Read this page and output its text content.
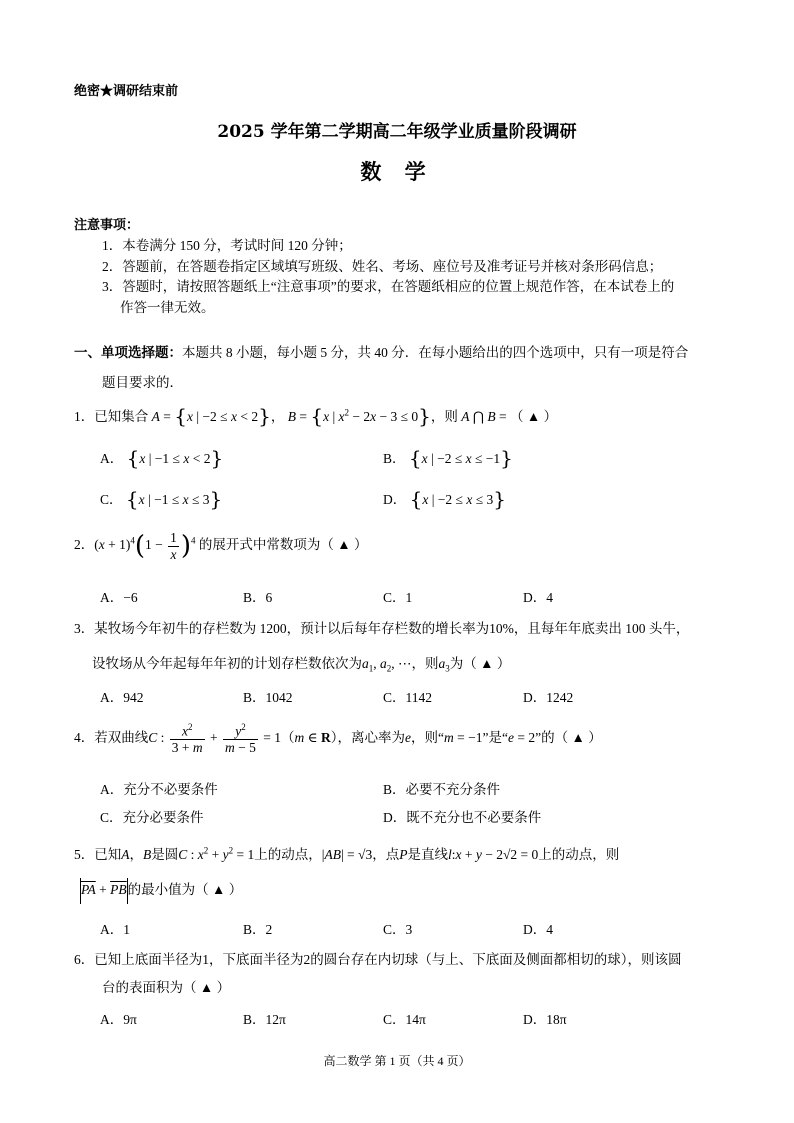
绝密★调研结束前
2025 学年第二学期高二年级学业质量阶段调研
数 学
注意事项：
1．本卷满分 150 分，考试时间 120 分钟；
2．答题前，在答题卷指定区域填写班级、姓名、考场、座位号及准考证号并核对条形码信息；
3．答题时，请按照答题纸上“注意事项”的要求，在答题纸相应的位置上规范作答，在本试卷上的
作答一律无效。
一、单项选择题：本题共 8 小题，每小题 5 分，共 40 分．在每小题给出的四个选项中，只有一项是符合
题目要求的．
1．已知集合 A = {x | −2 ≤ x < 2}， B = {x | $x^2 - 2x - 3 \le 0$}，则 A ⋂ B = （ ▲ ）
A． {x | −1 ≤ x < 2}	B． {x | −2 ≤ x ≤ −1}
C． {x | −1 ≤ x ≤ 3}	D． {x | −2 ≤ x ≤ 3}
2．$(x + 1)^4(1 - \frac{1}{x} )^4$ 的展开式中常数项为（ ▲ ）
A．−6	B．6	C．1	D．4
3．某牧场今年初牛的存栏数为 1200，预计以后每年存栏数的增长率为10%，且每年年底卖出 100 头牛，
设牧场从今年起每年年初的计划存栏数依次为$a_1$, $a_2$, ⋯，则$a_3$为（ ▲ ）
A．942	B．1042	C．1142	D．1242
4．若双曲线C : $\frac{x^2}{3 + m} + \frac{y^2}{m - 5} = 1(m$ ∈ R），离心率为e，则“m = −1”是“e = 2”的（ ▲ ）
A．充分不必要条件	B．必要不充分条件
C．充分必要条件	D．既不充分也不必要条件
5．已知A，B是圆C : $x^2 + y^2 = 1$上的动点，|AB| = √3，点P是直线l:x + y − 2√2 = 0上的动点，则
$\overline{PA} + \overline{PB}$的最小值为（ ▲ ）
A．1	B．2	C．3	D．4
6．已知上底面半径为1，下底面半径为2的圆台存在内切球（与上、下底面及侧面都相切的球），则该圆
台的表面积为（ ▲ ）
A．9π	B．12π	C．14π	D．18π
高二数学 第 1 页（共 4 页）
